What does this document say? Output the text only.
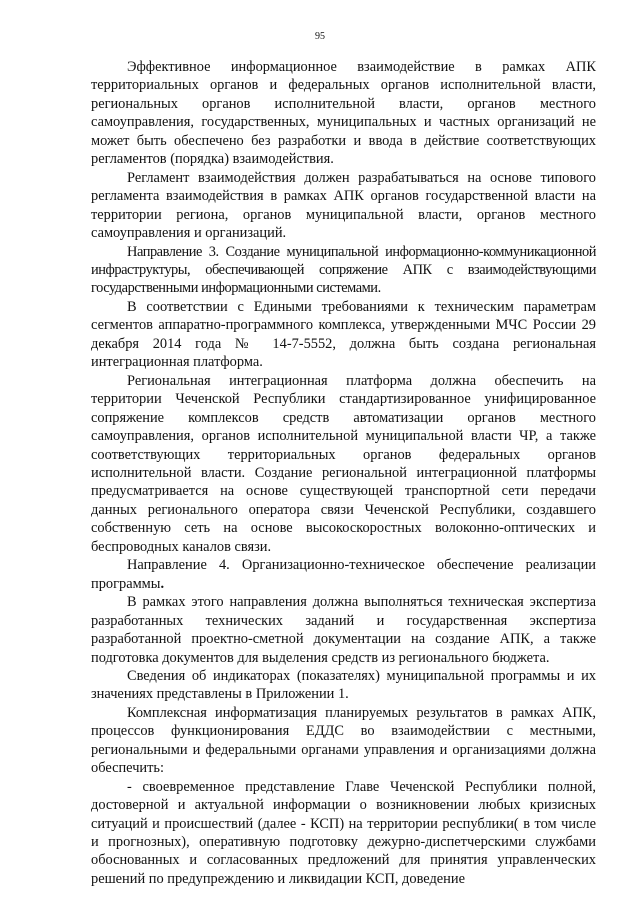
95

Эффективное информационное взаимодействие в рамках АПК территориальных органов и федеральных органов исполнительной власти, региональных органов исполнительной власти, органов местного самоуправления, государственных, муниципальных и частных организаций не может быть обеспечено без разработки и ввода в действие соответствующих регламентов (порядка) взаимодействия.

Регламент взаимодействия должен разрабатываться на основе типового регламента взаимодействия в рамках АПК органов государственной власти на территории региона, органов муниципальной власти, органов местного самоуправления и организаций.

Направление 3. Создание муниципальной информационно-коммуникационной инфраструктуры, обеспечивающей сопряжение АПК с взаимодействующими государственными информационными системами.

В соответствии с Едиными требованиями к техническим параметрам сегментов аппаратно-программного комплекса, утвержденными МЧС России 29 декабря 2014 года № 14-7-5552, должна быть создана региональная интеграционная платформа.

Региональная интеграционная платформа должна обеспечить на территории Чеченской Республики стандартизированное унифицированное сопряжение комплексов средств автоматизации органов местного самоуправления, органов исполнительной муниципальной власти ЧР, а также соответствующих территориальных органов федеральных органов исполнительной власти. Создание региональной интеграционной платформы предусматривается на основе существующей транспортной сети передачи данных регионального оператора связи Чеченской Республики, создавшего собственную сеть на основе высокоскоростных волоконно-оптических и беспроводных каналов связи.

Направление 4. Организационно-техническое обеспечение реализации программы.

В рамках этого направления должна выполняться техническая экспертиза разработанных технических заданий и государственная экспертиза разработанной проектно-сметной документации на создание АПК, а также подготовка документов для выделения средств из регионального бюджета.

Сведения об индикаторах (показателях) муниципальной программы и их значениях представлены в Приложении 1.

Комплексная информатизация планируемых результатов в рамках АПК, процессов функционирования ЕДДС во взаимодействии с местными, региональными и федеральными органами управления и организациями должна обеспечить:

- своевременное представление Главе Чеченской Республики полной, достоверной и актуальной информации о возникновении любых кризисных ситуаций и происшествий (далее - КСП) на территории республики( в том числе и прогнозных), оперативную подготовку дежурно-диспетчерскими службами обоснованных и согласованных предложений для принятия управленческих решений по предупреждению и ликвидации КСП, доведение
